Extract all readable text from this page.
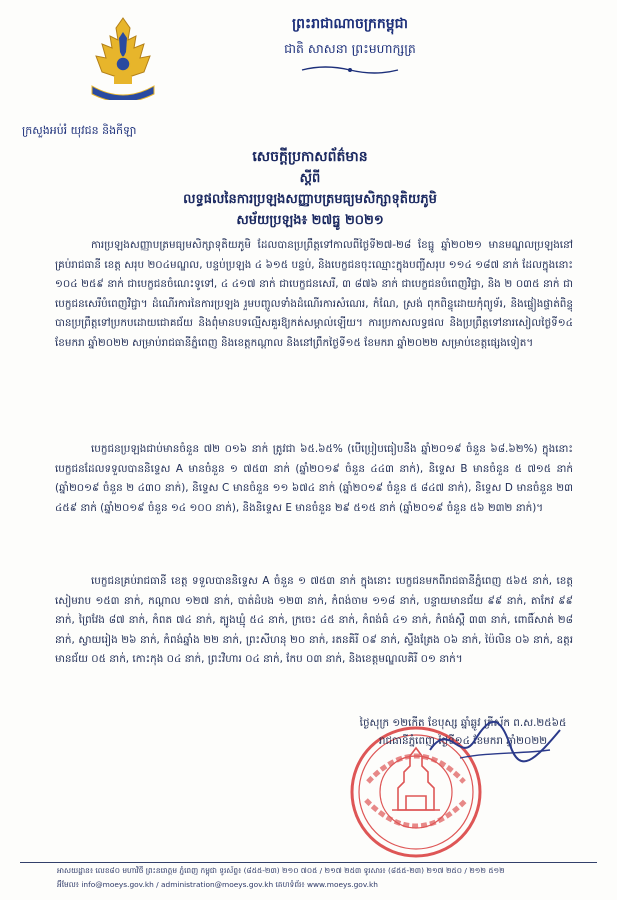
ព្រះរាជាណាចក្រកម្ពុជា
ជាតិ សាសនា ព្រះមហាក្សត្រ
ក្រសួងអប់រំ យុវជន និងកីឡា
សេចក្តីប្រកាសព័ត៌មាន
ស្តីពី
លទ្ធផលនៃការប្រឡងសញ្ញាបត្រមធ្យមសិក្សាទុតិយភូមិ
សម័យប្រឡង៖ ២៧ធ្នូ ២០២១

ការប្រឡងសញ្ញាបត្រមធ្យមសិក្សាទុតិយភូមិ ដែលបានប្រព្រឹត្តទៅកាលពីថ្ងៃទី២៧-២៨ ខែធ្នូ ឆ្នាំ២០២១ មានមណ្ឌលប្រឡងនៅគ្រប់រាជធានី ខេត្ត សរុប ២០៤មណ្ឌល, បន្ទប់ប្រឡង ៤ ៦១៥ បន្ទប់, និងបេក្ខជនចុះឈ្មោះក្នុងបញ្ជីសរុប ១១៤ ១៨៧ នាក់ ដែលក្នុងនោះ ១០៤ ២៥៩ នាក់ ជាបេក្ខជនចំណេះទូទៅ, ៤ ៤១៧ នាក់ ជាបេក្ខជនសេរី, ៣ ៨៧៦ នាក់ ជាបេក្ខជនបំពេញវិជ្ជា, និង ២ ០៣៥ នាក់ ជាបេក្ខជនសេរីបំពេញវិជ្ជា។ ដំណើរការនៃការប្រឡង រួមបញ្ចូលទាំងដំណើរការសំណេរ, កំណែ, ស្រង់ ពុកពិន្ទុដោយកុំព្យូទ័រ, និងផ្ទៀងផ្ទាត់ពិន្ទុ បានប្រព្រឹត្តទៅប្រកបដោយជោគជ័យ និងពុំមានបទល្មើសគួរឱ្យកត់សម្គាល់ឡើយ។ ការប្រកាសលទ្ធផល និងប្រព្រឹត្តទៅនារសៀលថ្ងៃទី១៤ ខែមករា ឆ្នាំ២០២២ សម្រាប់រាជធានីភ្នំពេញ និងខេត្តកណ្តាល និងនៅព្រឹកថ្ងៃទី១៥ ខែមករា ឆ្នាំ២០២២ សម្រាប់ខេត្តផ្សេងទៀត។

បេក្ខជនប្រឡងជាប់មានចំនួន ៧២ ០១៦ នាក់ ត្រូវជា ៦៥.៦៥% (បើប្រៀបធៀបនឹង ឆ្នាំ២០១៩ ចំនួន ៦៨.៦២%) ក្នុងនោះបេក្ខជនដែលទទួលបាននិទ្ទេស A មានចំនួន ១ ៧៥៣ នាក់ (ឆ្នាំ២០១៩ ចំនួន ៤៤៣ នាក់), និទ្ទេស B មានចំនួន ៥ ៧១៥ នាក់ (ឆ្នាំ២០១៩ ចំនួន ២ ៤៣០ នាក់), និទ្ទេស C មានចំនួន ១១ ៦៧៤ នាក់ (ឆ្នាំ២០១៩ ចំនួន ៥ ៨៤៧ នាក់), និទ្ទេស D មានចំនួន ២៣ ៤៥៩ នាក់ (ឆ្នាំ២០១៩ ចំនួន ១៤ ១០០ នាក់), និងនិទ្ទេស E មានចំនួន ២៩ ៥១៥ នាក់ (ឆ្នាំ២០១៩ ចំនួន ៥៦ ២៣២ នាក់)។

បេក្ខជនគ្រប់រាជធានី ខេត្ត ទទួលបាននិទ្ទេស A ចំនួន ១ ៧៥៣ នាក់ ក្នុងនោះ បេក្ខជនមកពីរាជធានីភ្នំពេញ ៥៦៥ នាក់, ខេត្តសៀមរាប ១៥៣ នាក់, កណ្តាល ១២៧ នាក់, បាត់ដំបង ១២៣ នាក់, កំពង់ចាម ១១៨ នាក់, បន្ទាយមានជ័យ ៩៩ នាក់, តាកែវ ៩៩ នាក់, ព្រៃវែង ៨៧ នាក់, កំពត ៧៤ នាក់, ត្បូងឃ្មុំ ៥៤ នាក់, ក្រចេះ ៤៥ នាក់, កំពង់ធំ ៤១ នាក់, កំពង់ស្ពឺ ៣៣ នាក់, ពោធិ៍សាត់ ២៨ នាក់, ស្វាយរៀង ២៦ នាក់, កំពង់ឆ្នាំង ២២ នាក់, ព្រះសីហនុ ២០ នាក់, រតនគិរី ០៩ នាក់, ស្ទឹងត្រែង ០៦ នាក់, ប៉ៃលិន ០៦ នាក់, ឧត្តរមានជ័យ ០៥ នាក់, កោះកុង ០៤ នាក់, ព្រះវិហារ ០៤ នាក់, កែប ០៣ នាក់, និងខេត្តមណ្ឌលគិរី ០១ នាក់។

ថ្ងៃសុក្រ ១២កើត ខែបុស្ស ឆ្នាំឆ្លូវ ត្រីស័ក ព.ស.២៥៦៥
រាជធានីភ្នំពេញ ថ្ងៃទី១៤ ខែមករា ឆ្នាំ២០២២
អាសយដ្ឋាន៖ លេខ៨០ មហាវិថី ព្រះនរោត្តម ភ្នំពេញ កម្ពុជា ទូរស័ព្ទ៖ (៨៥៥-២៣) ២១០ ៧០៥ / ២១៧ ២៥៣ ទូរសារ៖ (៨៥៥-២៣) ២១៧ ២៥០ / ២១២ ៥១២
អ៊ីមែល៖ info@moeys.gov.kh / administration@moeys.gov.kh គេហទំព័រ៖ www.moeys.gov.kh
